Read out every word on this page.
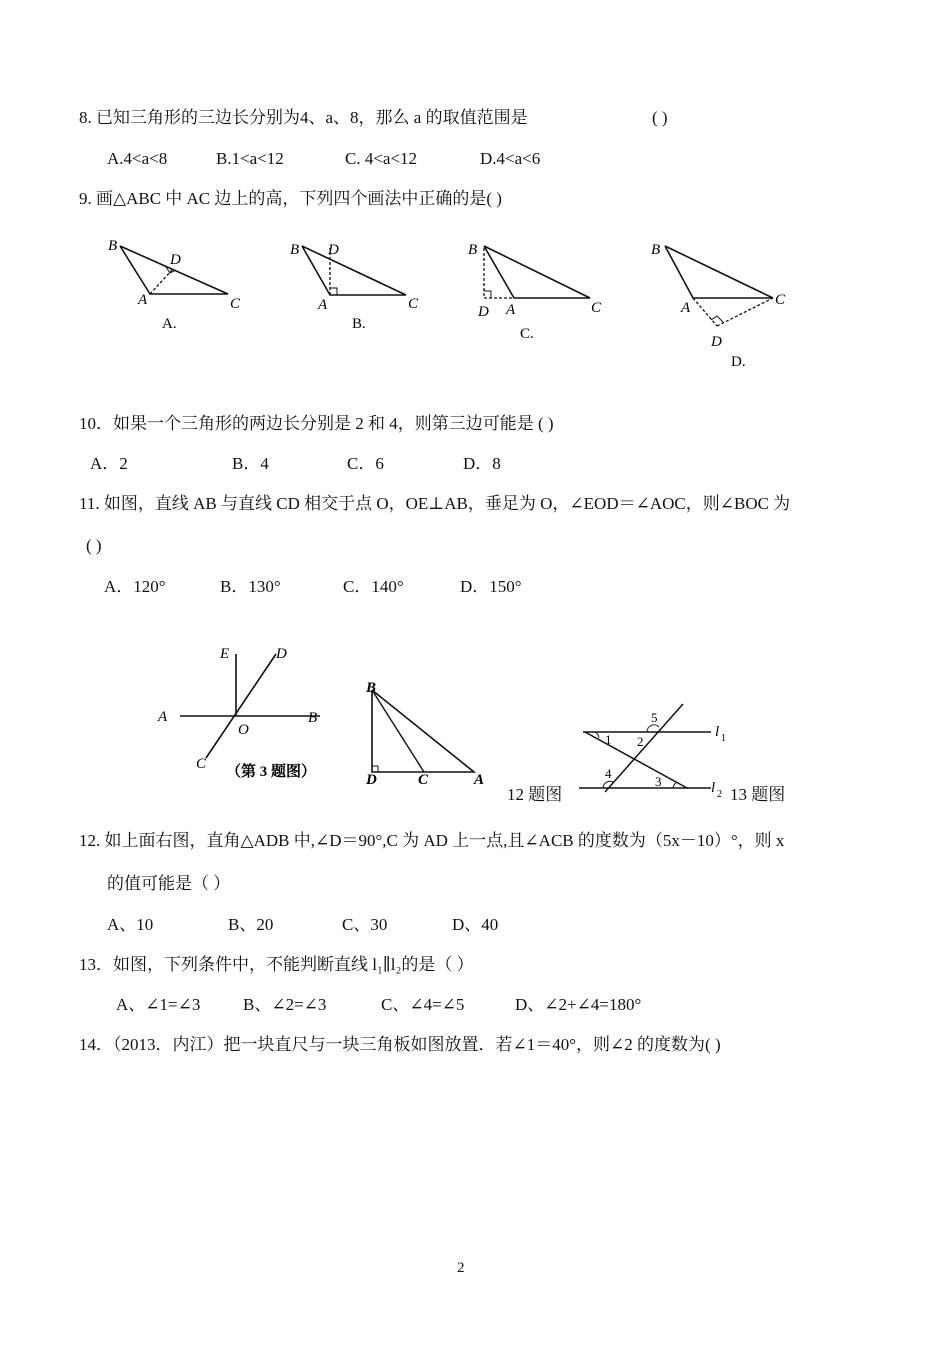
8. 已知三角形的三边长分别为4、a、8，那么 a 的取值范围是	( )
A.4<a<8	B.1<a<12	C. 4<a<12	D.4<a<6
9. 画△ABC 中 AC 边上的高，下列四个画法中正确的是( )
B
D
A	C
A.
B D
A	C
B.
B
D A	C
C.
B
A	C
D
D.
10．如果一个三角形的两边长分别是 2 和 4，则第三边可能是 ( )
A．2	B．4	C．6	D．8
11. 如图，直线 AB 与直线 CD 相交于点 O，OE⊥AB，垂足为 O，∠EOD＝∠AOC，则∠BOC 为
( )
A．120°	B．130°	C．140°	D．150°
E	D
A
O
B
C （第 3 题图）
B
D	C	A
5
1 2
4
3
l 1
l 2
12 题图	13 题图
12. 如上面右图，直角△ADB 中,∠D＝90°,C 为 AD 上一点,且∠ACB 的度数为（5x－10）°，则 x
的值可能是（ ）
A、10	B、20	C、30	D、40
13．如图，下列条件中，不能判断直线 l₁∥l₂的是（ ）
A、∠1=∠3	B、∠2=∠3	C、∠4=∠5	D、∠2+∠4=180°
14．（2013．内江）把一块直尺与一块三角板如图放置．若∠1＝40°，则∠2 的度数为( )
2
